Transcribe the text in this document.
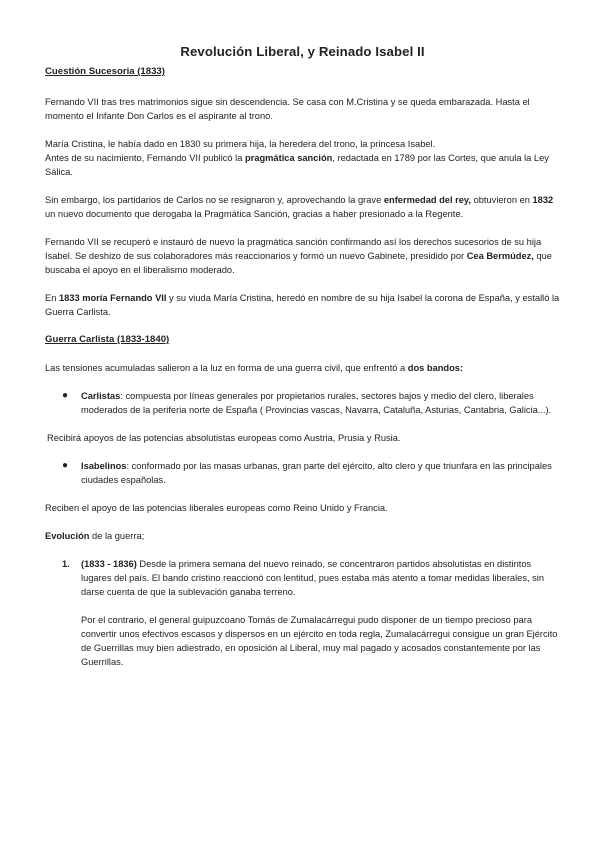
Revolución Liberal, y Reinado Isabel II
Cuestión Sucesoria (1833)

Fernando VII tras tres matrimonios sigue sin descendencia. Se casa con M.Cristina y se queda embarazada. Hasta el momento el Infante Don Carlos es el aspirante al trono.

María Cristina, le había dado en 1830 su primera hija, la heredera del trono, la princesa Isabel.
Antes de su nacimiento, Fernando VII publicó la pragmática sanción, redactada en 1789 por las Cortes, que anula la Ley Sálica.

Sin embargo, los partidarios de Carlos no se resignaron y, aprovechando la grave enfermedad del rey, obtuvieron en 1832 un nuevo documento que derogaba la Pragmática Sanción, gracias a haber presionado a la Regente.

Fernando VII se recuperó e instauró de nuevo la pragmática sanción confirmando así los derechos sucesorios de su hija Isabel. Se deshizo de sus colaboradores más reaccionarios y formó un nuevo Gabinete, presidido por Cea Bermúdez, que buscaba el apoyo en el liberalismo moderado.

En 1833 moría Fernando VII y su viuda María Cristina, heredó en nombre de su hija Isabel la corona de España, y estalló la Guerra Carlista.

Guerra Carlista (1833-1840)

Las tensiones acumuladas salieron a la luz en forma de una guerra civil, que enfrentó a dos bandos:

● Carlistas: compuesta por líneas generales por propietarios rurales, sectores bajos y medio del clero, liberales moderados de la periferia norte de España ( Provincias vascas, Navarra, Cataluña, Asturias, Cantabria, Galicia...).

Recibirá apoyos de las potencias absolutistas europeas como Austria, Prusia y Rusia.

● Isabelinos: conformado por las masas urbanas, gran parte del ejército, alto clero y que triunfara en las principales ciudades españolas.

Reciben el apoyo de las potencias liberales europeas como Reino Unido y Francia.

Evolución de la guerra;

1. (1833 - 1836) Desde la primera semana del nuevo reinado, se concentraron partidos absolutistas en distintos lugares del país. El bando cristino reaccionó con lentitud, pues estaba más atento a tomar medidas liberales, sin darse cuenta de que la sublevación ganaba terreno.

Por el contrario, el general guipuzcoano Tomás de Zumalacárregui pudo disponer de un tiempo precioso para convertir unos efectivos escasos y dispersos en un ejército en toda regla, Zumalacárregui consigue un gran Ejército de Guerrillas muy bien adiestrado, en oposición al Liberal, muy mal pagado y acosados constantemente por las Guerrillas.
